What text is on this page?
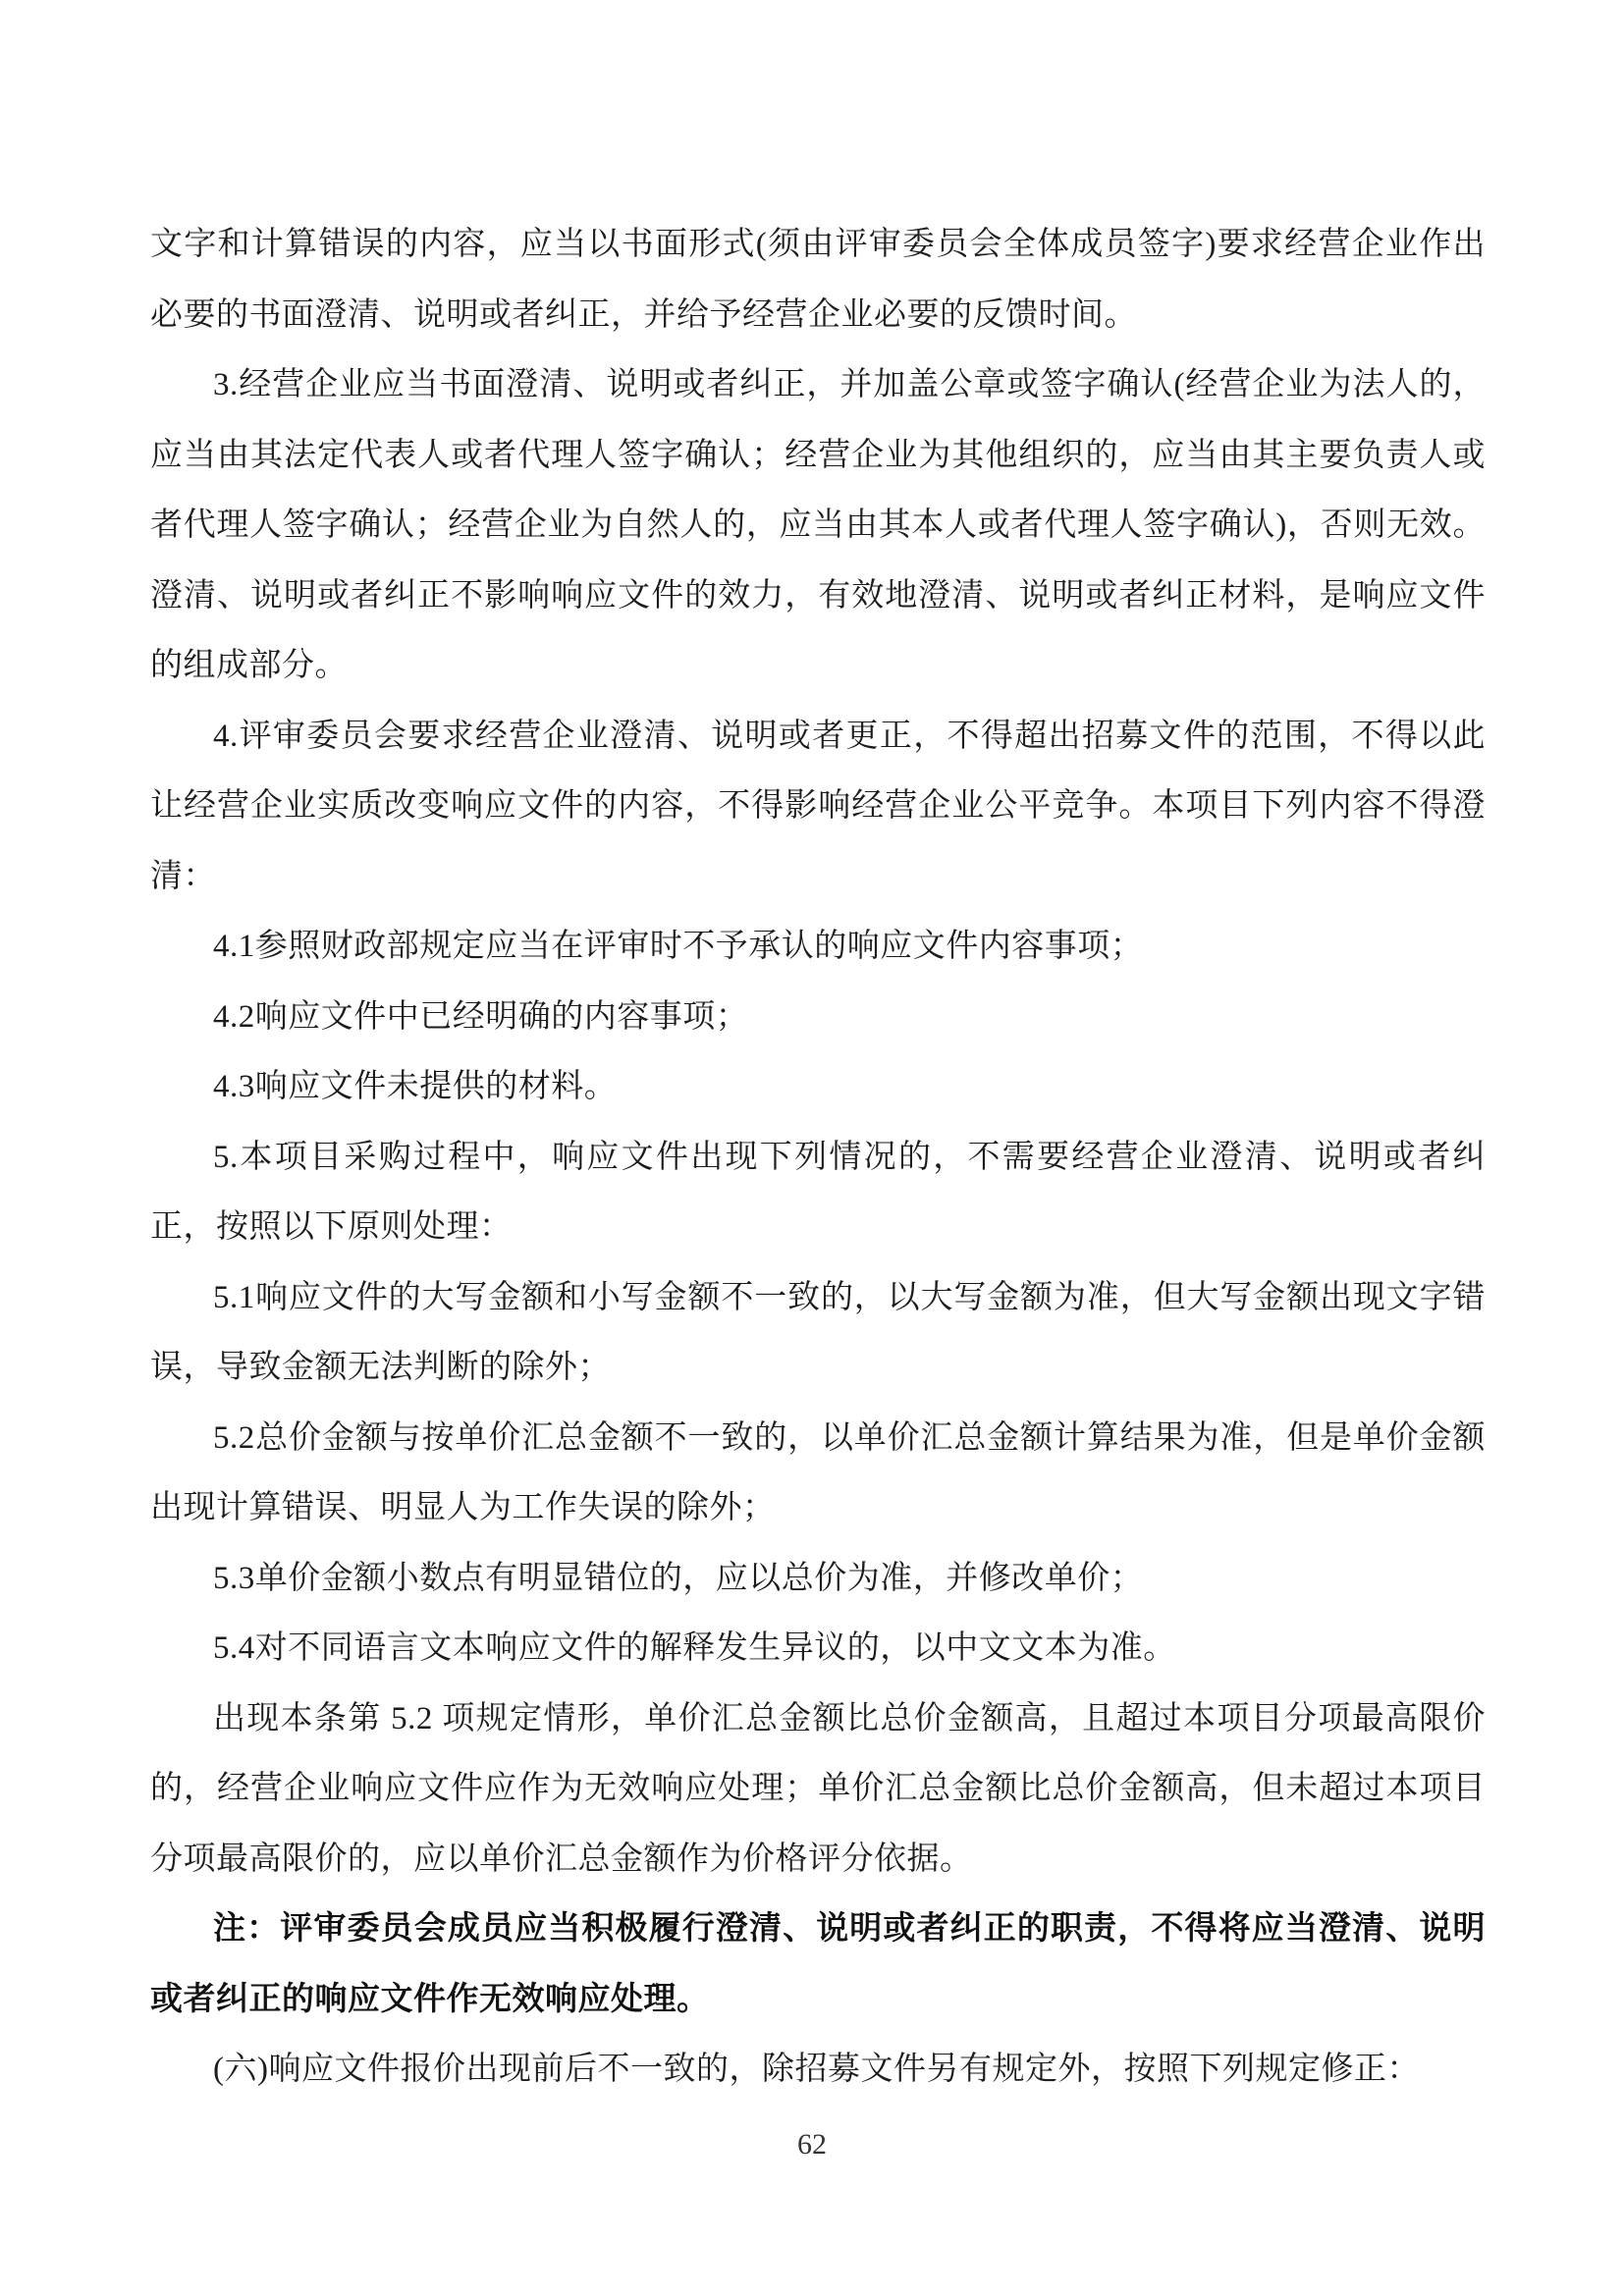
文字和计算错误的内容，应当以书面形式(须由评审委员会全体成员签字)要求经营企业作出必要的书面澄清、说明或者纠正，并给予经营企业必要的反馈时间。

3.经营企业应当书面澄清、说明或者纠正，并加盖公章或签字确认(经营企业为法人的，应当由其法定代表人或者代理人签字确认；经营企业为其他组织的，应当由其主要负责人或者代理人签字确认；经营企业为自然人的，应当由其本人或者代理人签字确认)，否则无效。澄清、说明或者纠正不影响响应文件的效力，有效地澄清、说明或者纠正材料，是响应文件的组成部分。

4.评审委员会要求经营企业澄清、说明或者更正，不得超出招募文件的范围，不得以此让经营企业实质改变响应文件的内容，不得影响经营企业公平竞争。本项目下列内容不得澄清：

4.1参照财政部规定应当在评审时不予承认的响应文件内容事项；

4.2响应文件中已经明确的内容事项；

4.3响应文件未提供的材料。

5.本项目采购过程中，响应文件出现下列情况的，不需要经营企业澄清、说明或者纠正，按照以下原则处理：

5.1响应文件的大写金额和小写金额不一致的，以大写金额为准，但大写金额出现文字错误，导致金额无法判断的除外；

5.2总价金额与按单价汇总金额不一致的，以单价汇总金额计算结果为准，但是单价金额出现计算错误、明显人为工作失误的除外；

5.3单价金额小数点有明显错位的，应以总价为准，并修改单价；

5.4对不同语言文本响应文件的解释发生异议的，以中文文本为准。

出现本条第 5.2 项规定情形，单价汇总金额比总价金额高，且超过本项目分项最高限价的，经营企业响应文件应作为无效响应处理；单价汇总金额比总价金额高，但未超过本项目分项最高限价的，应以单价汇总金额作为价格评分依据。

注：评审委员会成员应当积极履行澄清、说明或者纠正的职责，不得将应当澄清、说明或者纠正的响应文件作无效响应处理。

(六)响应文件报价出现前后不一致的，除招募文件另有规定外，按照下列规定修正：

62
